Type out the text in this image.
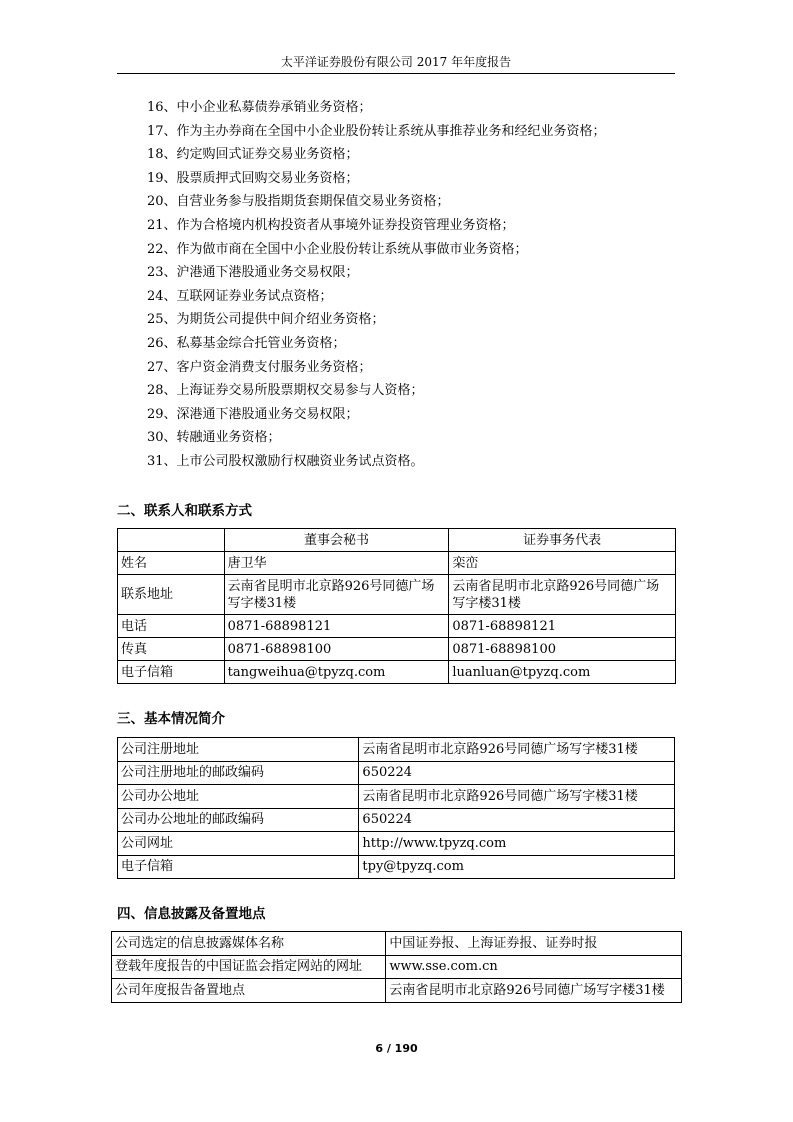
太平洋证券股份有限公司 2017 年年度报告
16、中小企业私募债券承销业务资格；
17、作为主办券商在全国中小企业股份转让系统从事推荐业务和经纪业务资格；
18、约定购回式证券交易业务资格；
19、股票质押式回购交易业务资格；
20、自营业务参与股指期货套期保值交易业务资格；
21、作为合格境内机构投资者从事境外证券投资管理业务资格；
22、作为做市商在全国中小企业股份转让系统从事做市业务资格；
23、沪港通下港股通业务交易权限；
24、互联网证券业务试点资格；
25、为期货公司提供中间介绍业务资格；
26、私募基金综合托管业务资格；
27、客户资金消费支付服务业务资格；
28、上海证券交易所股票期权交易参与人资格；
29、深港通下港股通业务交易权限；
30、转融通业务资格；
31、上市公司股权激励行权融资业务试点资格。
二、联系人和联系方式
	董事会秘书	证券事务代表
姓名	唐卫华	栾峦
联系地址	云南省昆明市北京路926号同德广场写字楼31楼	云南省昆明市北京路926号同德广场写字楼31楼
电话	0871-68898121	0871-68898121
传真	0871-68898100	0871-68898100
电子信箱	tangweihua@tpyzq.com	luanluan@tpyzq.com
三、基本情况简介
公司注册地址	云南省昆明市北京路926号同德广场写字楼31楼
公司注册地址的邮政编码	650224
公司办公地址	云南省昆明市北京路926号同德广场写字楼31楼
公司办公地址的邮政编码	650224
公司网址	http://www.tpyzq.com
电子信箱	tpy@tpyzq.com
四、信息披露及备置地点
公司选定的信息披露媒体名称	中国证券报、上海证券报、证券时报
登载年度报告的中国证监会指定网站的网址	www.sse.com.cn
公司年度报告备置地点	云南省昆明市北京路926号同德广场写字楼31楼
6 / 190
